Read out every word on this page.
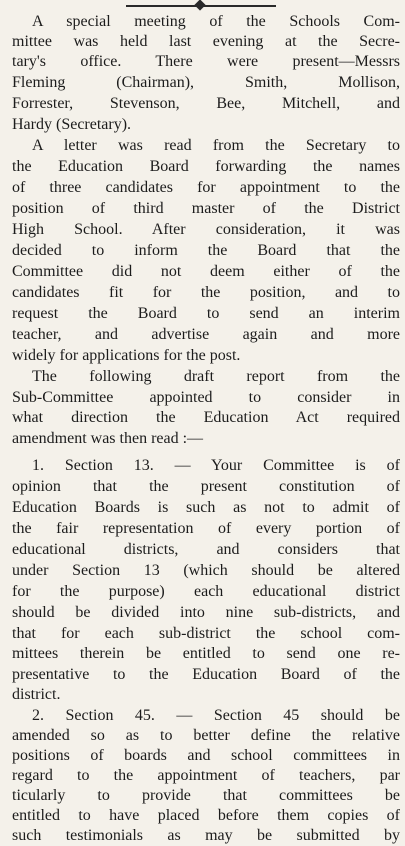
A special meeting of the Schools Com-
mittee was held last evening at the Secre-
tary's office. There were present—Messrs
Fleming (Chairman), Smith, Mollison,
Forrester, Stevenson, Bee, Mitchell, and
Hardy (Secretary).
A letter was read from the Secretary to
the Education Board forwarding the names
of three candidates for appointment to the
position of third master of the District
High School. After consideration, it was
decided to inform the Board that the
Committee did not deem either of the
candidates fit for the position, and to
request the Board to send an interim
teacher, and advertise again and more
widely for applications for the post.
The following draft report from the
Sub-Committee appointed to consider in
what direction the Education Act required
amendment was then read :—
1. Section 13. — Your Committee is of
opinion that the present constitution of
Education Boards is such as not to admit of
the fair representation of every portion of
educational districts, and considers that
under Section 13 (which should be altered
for the purpose) each educational district
should be divided into nine sub-districts, and
that for each sub-district the school com-
mittees therein be entitled to send one re-
presentative to the Education Board of the
district.
2. Section 45. — Section 45 should be
amended so as to better define the relative
positions of boards and school committees in
regard to the appointment of teachers, par
ticularly to provide that committees be
entitled to have placed before them copies of
such testimonials as may be submitted by
